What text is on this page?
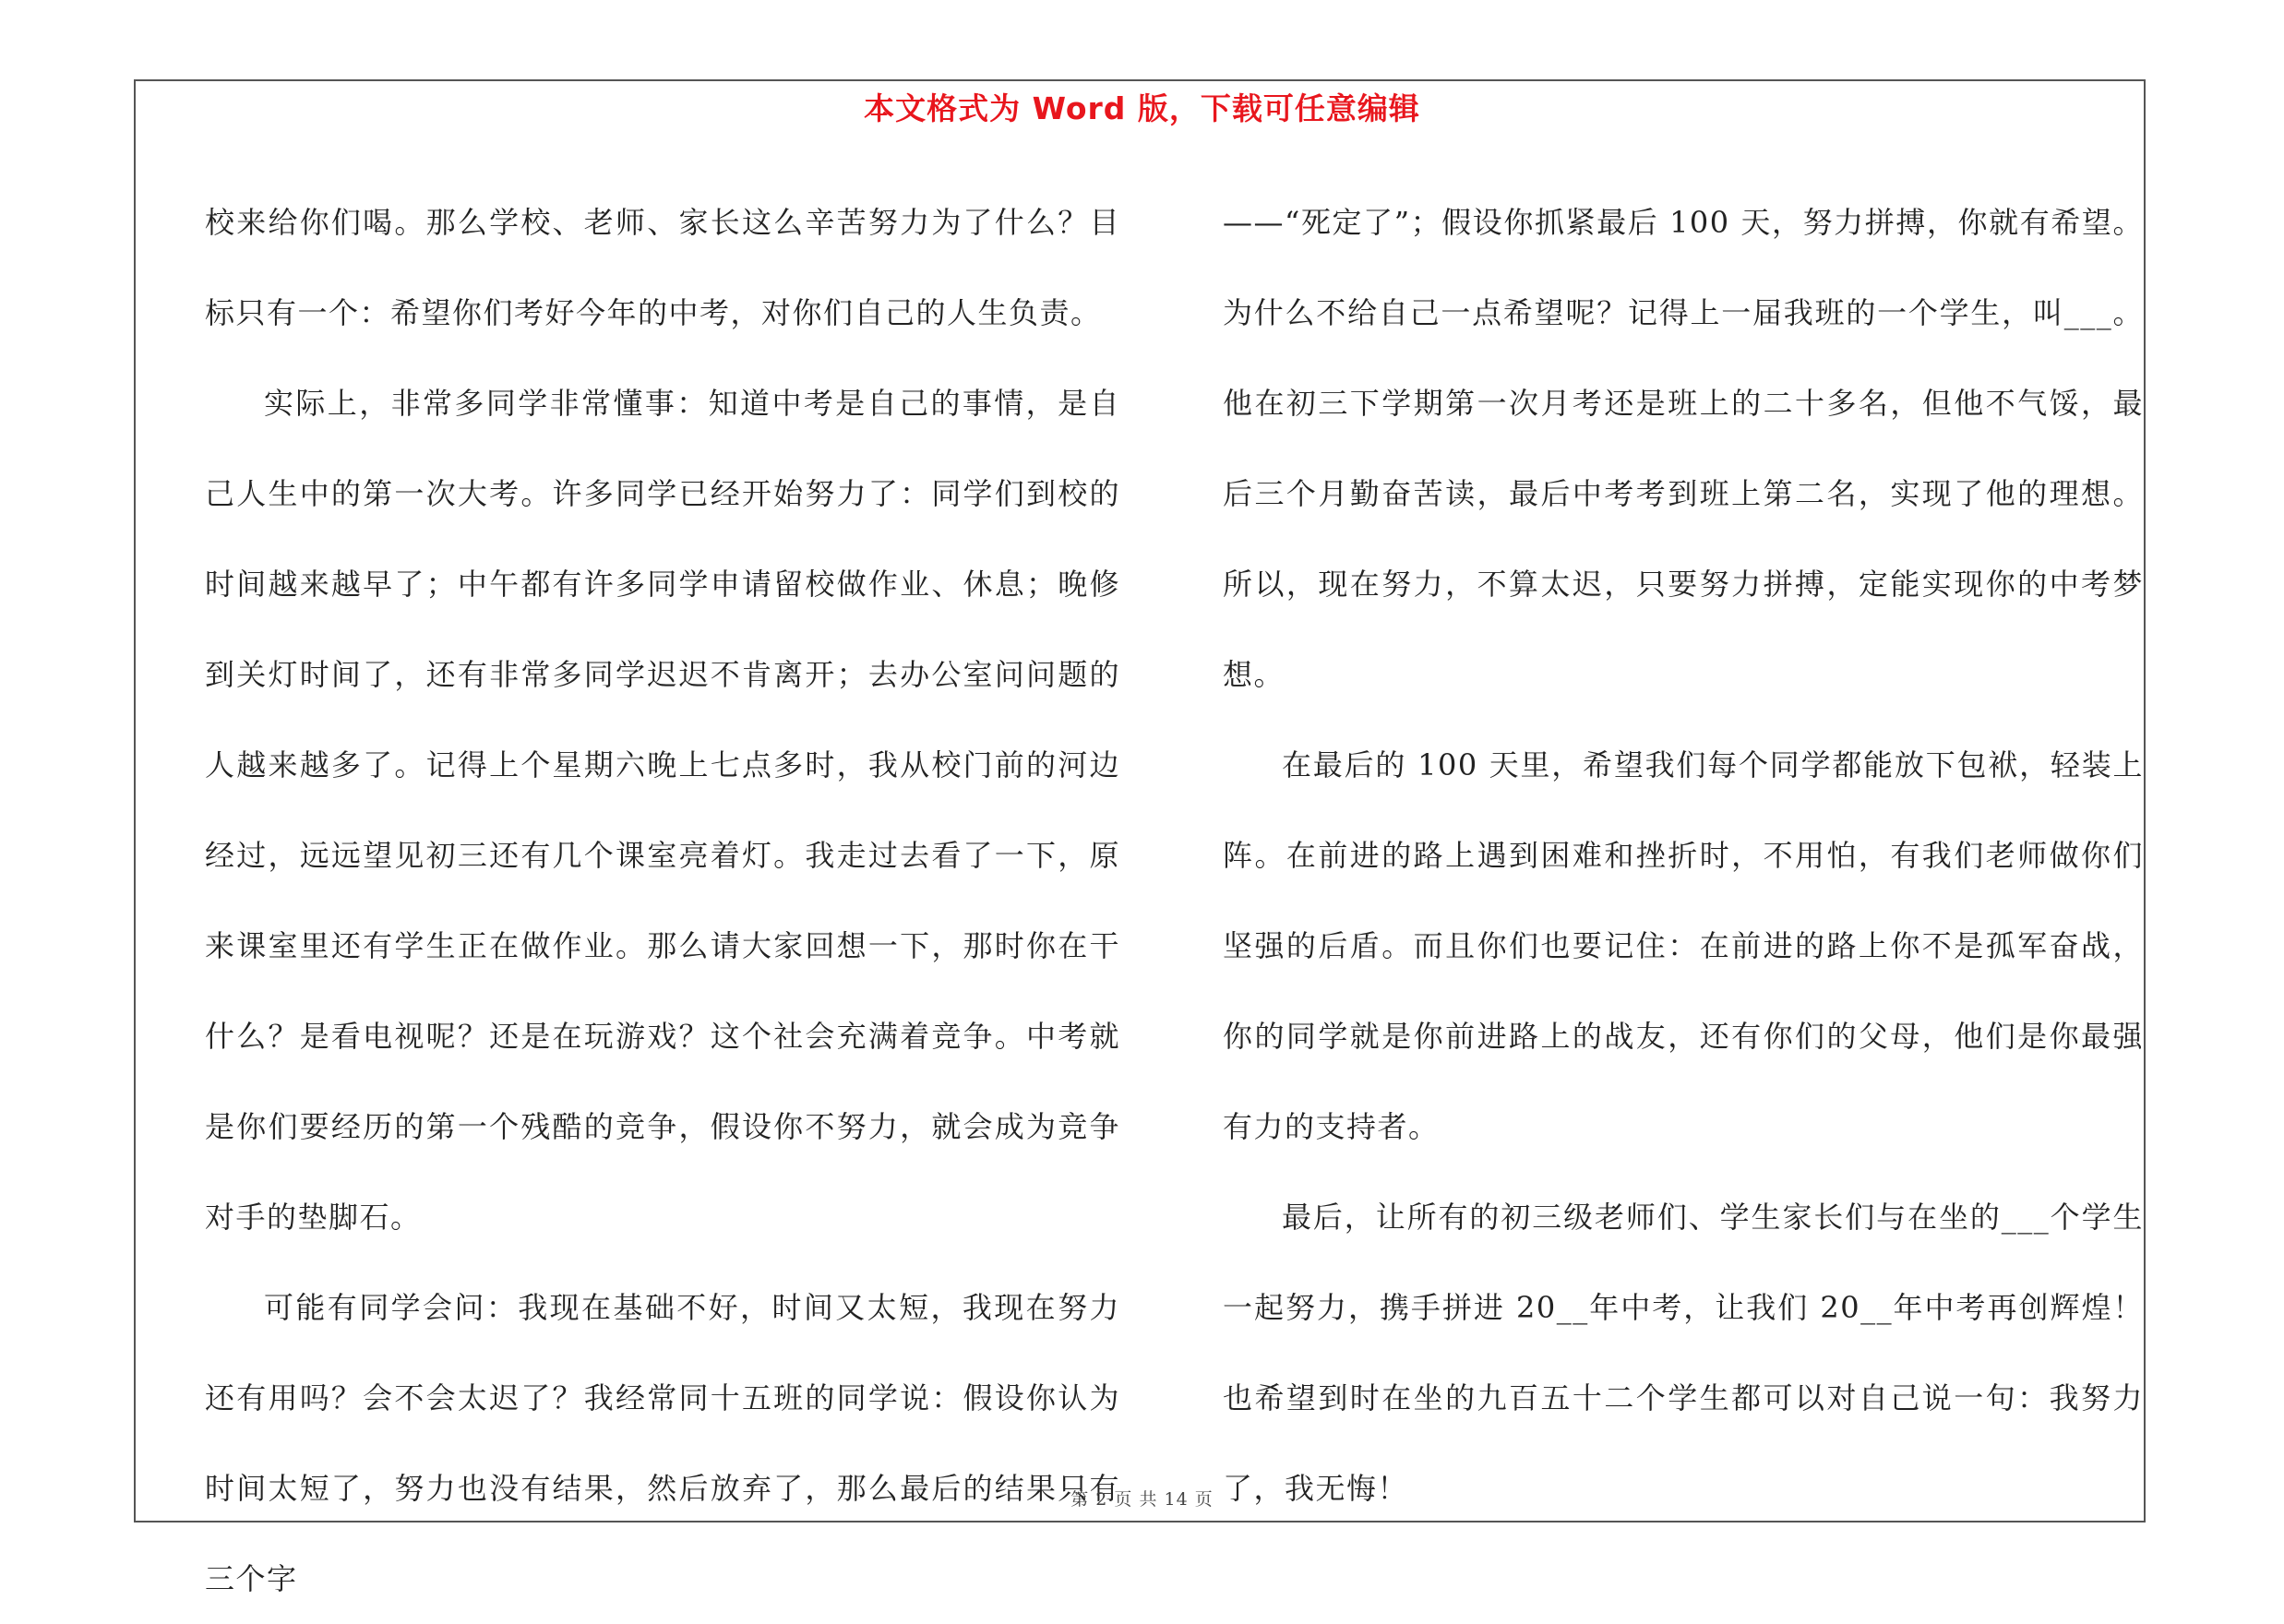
本文格式为 Word 版，下载可任意编辑

校来给你们喝。那么学校、老师、家长这么辛苦努力为了什么？目标只有一个：希望你们考好今年的中考，对你们自己的人生负责。

实际上，非常多同学非常懂事：知道中考是自己的事情，是自己人生中的第一次大考。许多同学已经开始努力了：同学们到校的时间越来越早了；中午都有许多同学申请留校做作业、休息；晚修到关灯时间了，还有非常多同学迟迟不肯离开；去办公室问问题的人越来越多了。记得上个星期六晚上七点多时，我从校门前的河边经过，远远望见初三还有几个课室亮着灯。我走过去看了一下，原来课室里还有学生正在做作业。那么请大家回想一下，那时你在干什么？是看电视呢？还是在玩游戏？这个社会充满着竞争。中考就是你们要经历的第一个残酷的竞争，假设你不努力，就会成为竞争对手的垫脚石。

可能有同学会问：我现在基础不好，时间又太短，我现在努力还有用吗？会不会太迟了？我经常同十五班的同学说：假设你认为时间太短了，努力也没有结果，然后放弃了，那么最后的结果只有三个字

——“死定了”；假设你抓紧最后 100 天，努力拼搏，你就有希望。为什么不给自己一点希望呢？记得上一届我班的一个学生，叫___。他在初三下学期第一次月考还是班上的二十多名，但他不气馁，最后三个月勤奋苦读，最后中考考到班上第二名，实现了他的理想。所以，现在努力，不算太迟，只要努力拼搏，定能实现你的中考梦想。

在最后的 100 天里，希望我们每个同学都能放下包袱，轻装上阵。在前进的路上遇到困难和挫折时，不用怕，有我们老师做你们坚强的后盾。而且你们也要记住：在前进的路上你不是孤军奋战，你的同学就是你前进路上的战友，还有你们的父母，他们是你最强有力的支持者。

最后，让所有的初三级老师们、学生家长们与在坐的___个学生一起努力，携手拼进 20__年中考，让我们 20__年中考再创辉煌！也希望到时在坐的九百五十二个学生都可以对自己说一句：我努力了，我无悔！

第 2 页 共 14 页
